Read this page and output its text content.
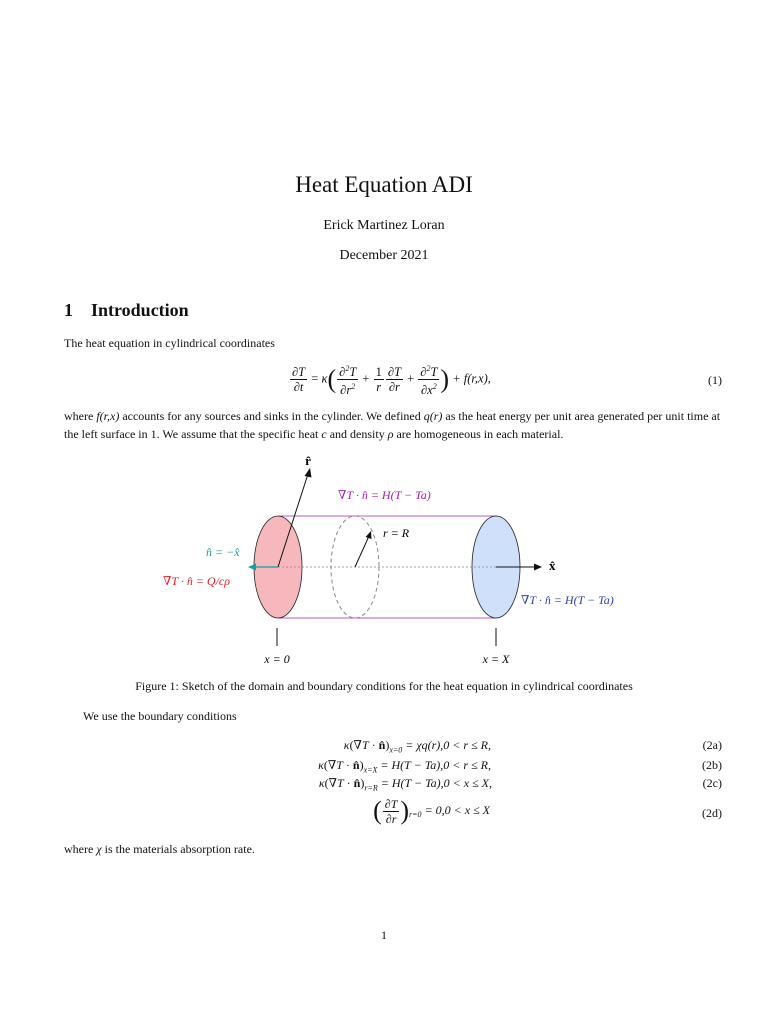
Heat Equation ADI
Erick Martinez Loran
December 2021
1 Introduction
The heat equation in cylindrical coordinates
$\frac{\partial T}{\partial t} = \kappa( \frac{\partial^2T}{\partial r^2} + \frac{1}{r} \frac{\partial T}{\partial r} + \frac{\partial^2T}{\partial x^2}$ ) + f(r,x),	(1)
where f(r,x) accounts for any sources and sinks in the cylinder. We defined q(r) as the heat energy per unit area generated per unit time at the left surface in 1. We assume that the specific heat c and density ρ are homogeneous in each material.
r̂
x̂
∇T · n̂ = H(T − Ta)
∇T · n̂ = H(T − Ta)
n̂ = −x̂
∇T · n̂ = Q/cρ
r = R
x = 0	x = X
Figure 1: Sketch of the domain and boundary conditions for the heat equation in cylindrical coordinates
We use the boundary conditions
$\kappa(\nabla T \cdot n̂)_{x=0} = \chi q(r),0 < r \le R$,	(2a)
$\kappa(\nabla T \cdot n̂)_{x=X} = H(T - Ta),0 < r \le R$,	(2b)
$\kappa(\nabla T \cdot n̂)_{r=R} = H(T - Ta),0 < x \le X$,	(2c)
( $\frac{\partial T}{\partial r} )_{r=0} = 0,0 < x \le X$	(2d)
where χ is the materials absorption rate.
1
